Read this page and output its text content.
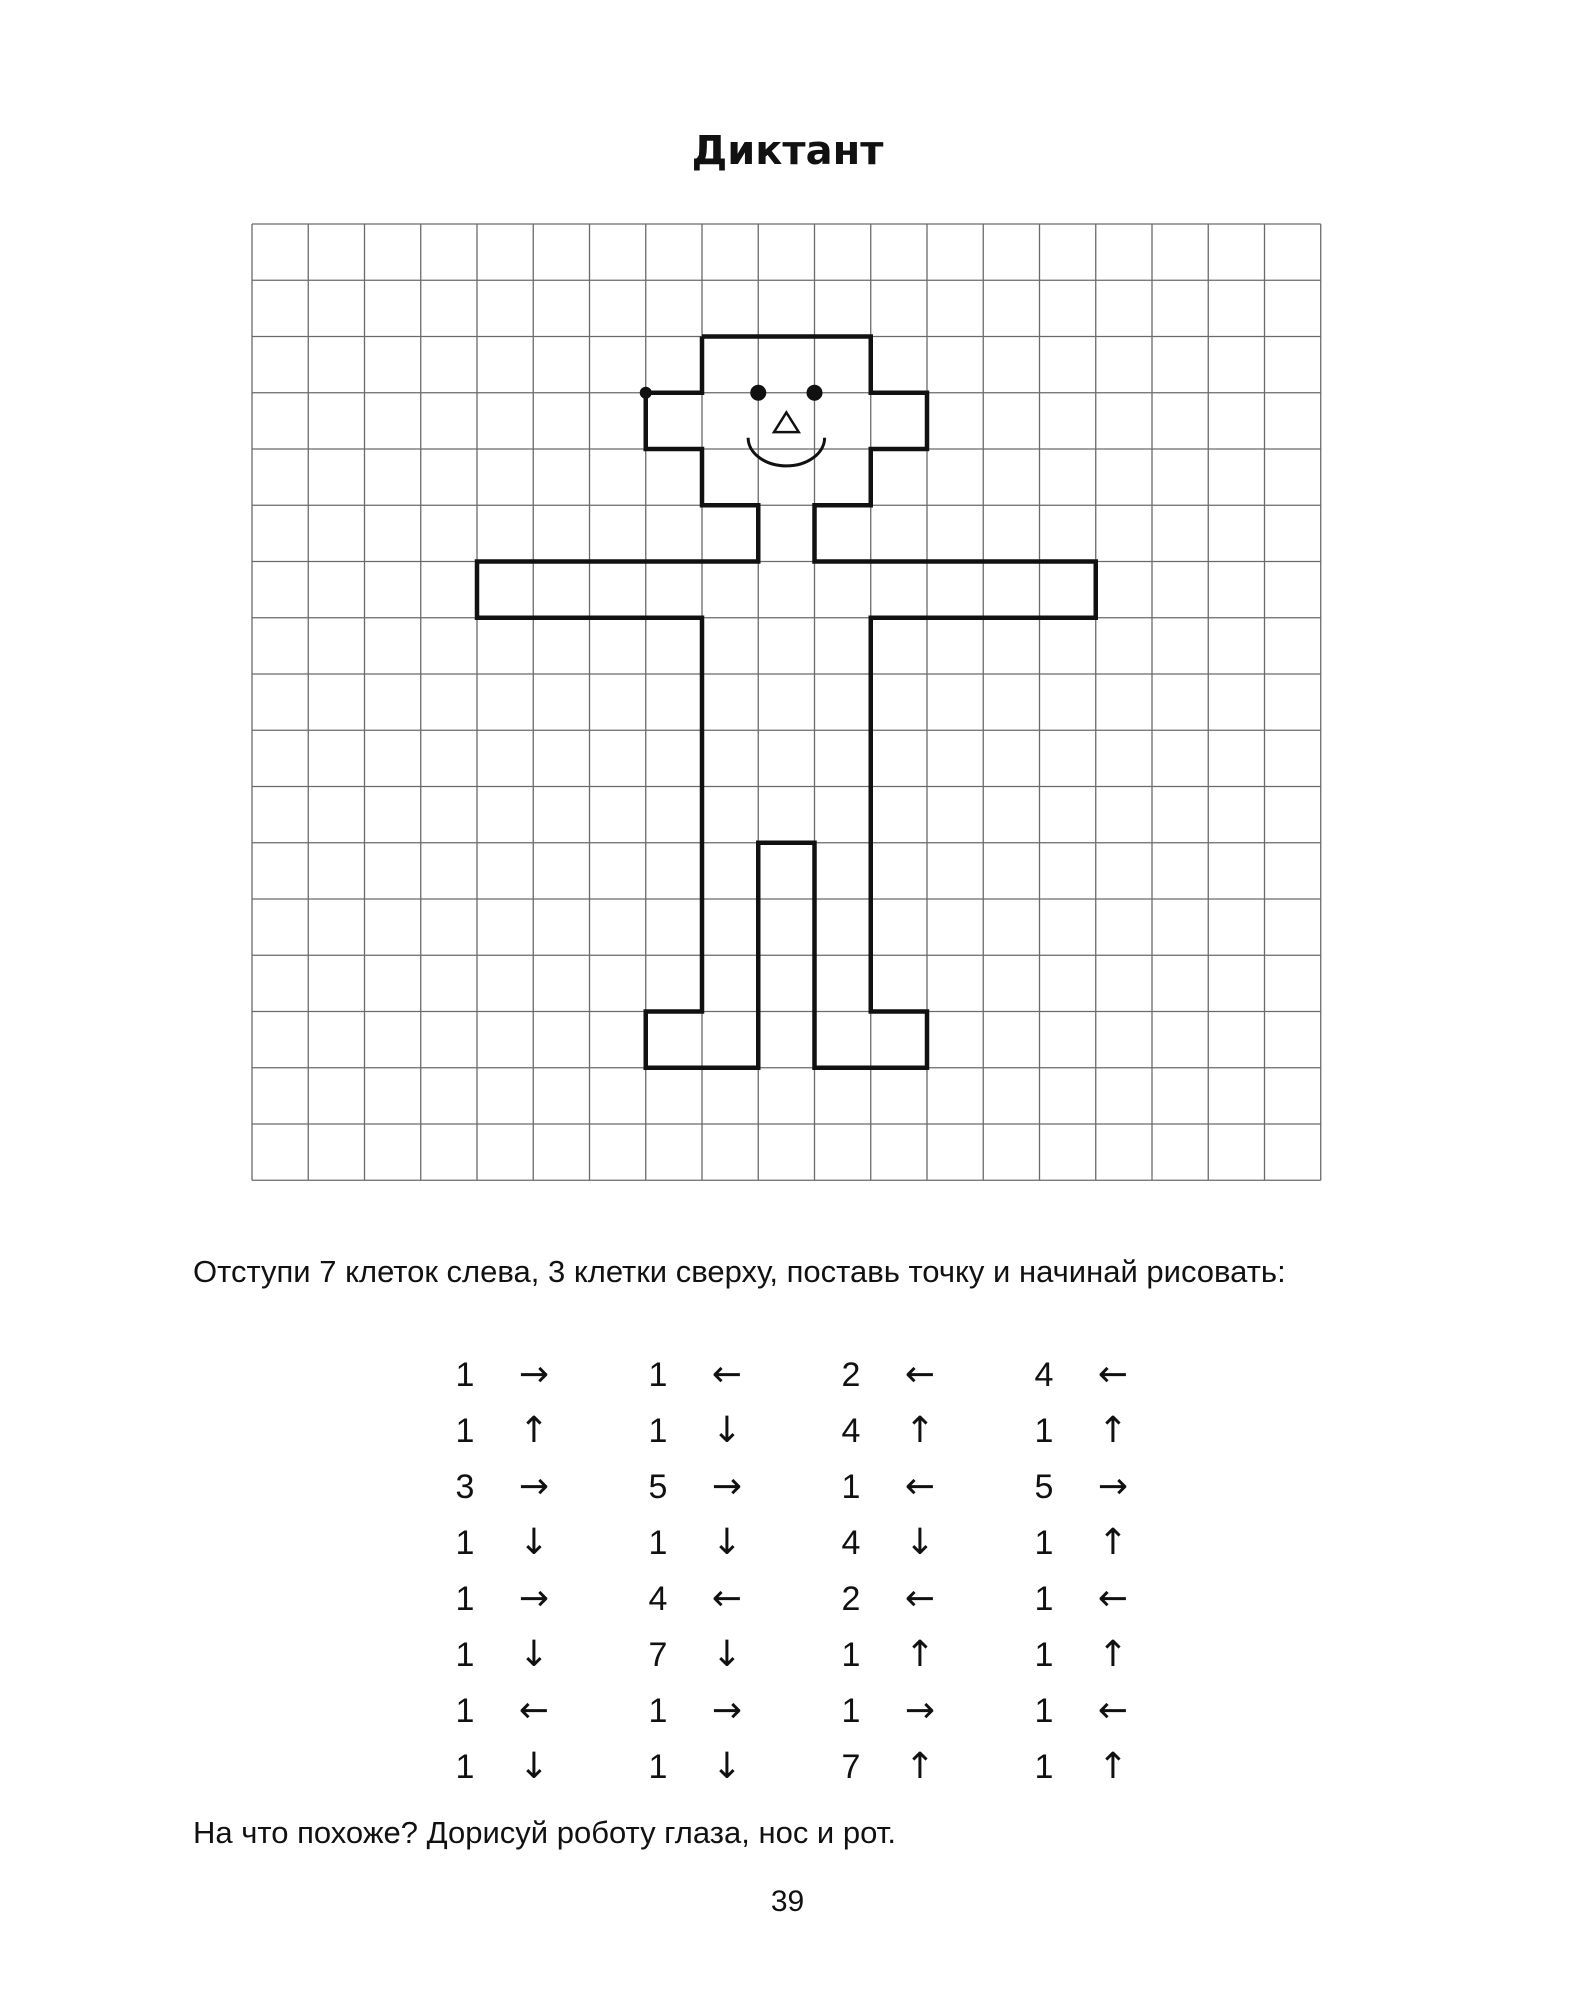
Диктант
Отступи 7 клеток слева, 3 клетки сверху, поставь точку и начинай рисовать:
1 →
1 ↑
3 →
1 ↓
1 →
1 ↓
1 ←
1 ↓
1 ←
1 ↓
5 →
1 ↓
4 ←
7 ↓
1 →
1 ↓
2 ←
4 ↑
1 ←
4 ↓
2 ←
1 ↑
1 →
7 ↑
4 ←
1 ↑
5 →
1 ↑
1 ←
1 ↑
1 ←
1 ↑
На что похоже? Дорисуй роботу глаза, нос и рот.
39
